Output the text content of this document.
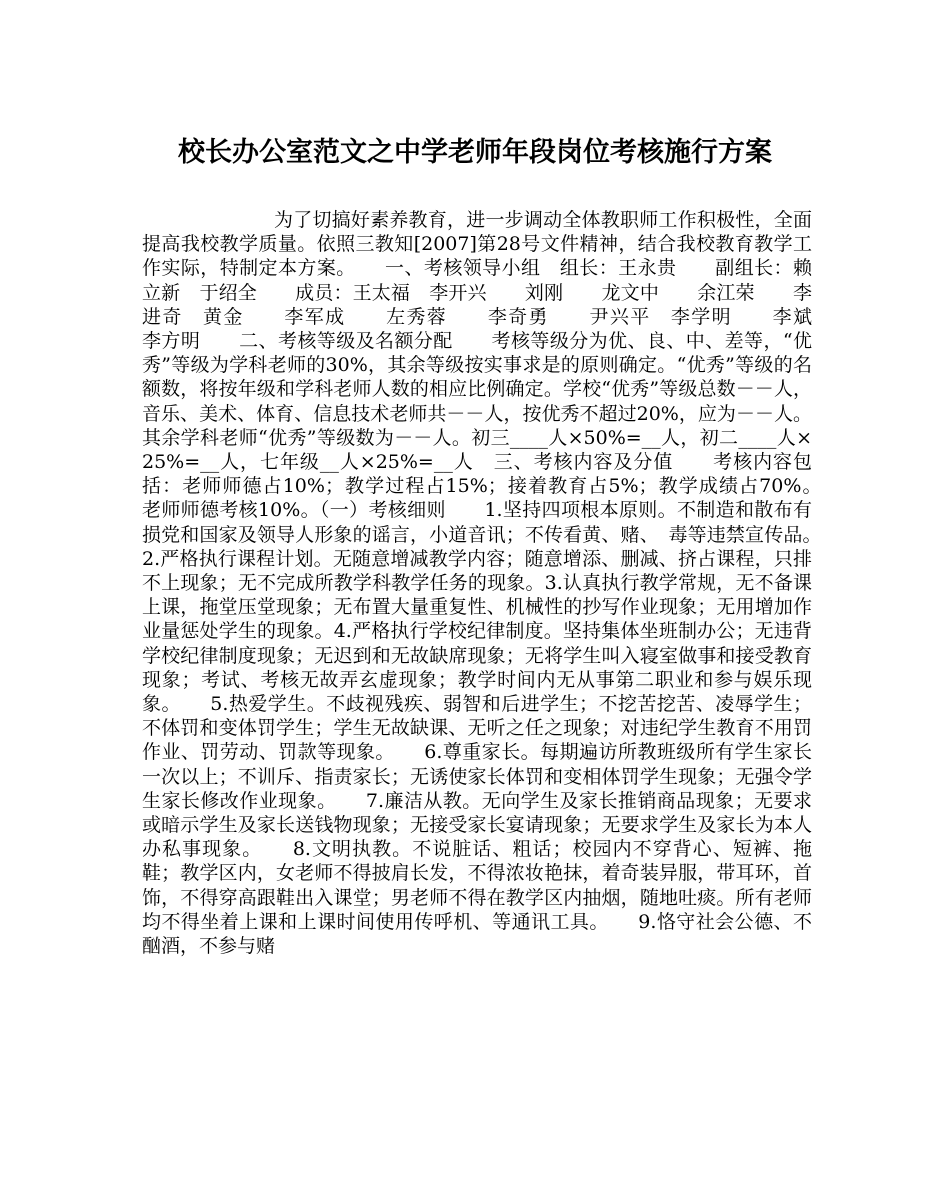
校长办公室范文之中学老师年段岗位考核施行方案

为了切搞好素养教育，进一步调动全体教职师工作积极性，全面提高我校教学质量。依照三教知[2007]第28号文件精神，结合我校教育教学工作实际，特制定本方案。　　一、考核领导小组　组长：王永贵　　副组长：赖立新　于绍全　　成员：王太福　李开兴　　刘刚　　龙文中　　余江荣　　李进奇　黄金　　李军成　　左秀蓉　　李奇勇　　尹兴平　李学明　　李斌　　李方明　　二、考核等级及名额分配　　考核等级分为优、良、中、差等，“优秀”等级为学科老师的30%，其余等级按实事求是的原则确定。“优秀”等级的名额数，将按年级和学科老师人数的相应比例确定。学校“优秀”等级总数－－人，音乐、美术、体育、信息技术老师共－－人，按优秀不超过20%，应为－－人。其余学科老师“优秀”等级数为－－人。初三____人×50%=__人，初二____人×25%=__人，七年级__人×25%=__人　三、考核内容及分值　　考核内容包括：老师师德占10%；教学过程占15%；接着教育占5%；教学成绩占70%。　　老师师德考核10%。（一）考核细则　　1.坚持四项根本原则。不制造和散布有损党和国家及领导人形象的谣言，小道音讯；不传看黄、赌、　毒等违禁宣传品。　　2.严格执行课程计划。无随意增减教学内容；随意增添、删减、挤占课程，只排不上现象；无不完成所教学科教学任务的现象。3.认真执行教学常规，无不备课上课，拖堂压堂现象；无布置大量重复性、机械性的抄写作业现象；无用增加作业量惩处学生的现象。4.严格执行学校纪律制度。坚持集体坐班制办公；无违背学校纪律制度现象；无迟到和无故缺席现象；无将学生叫入寝室做事和接受教育现象；考试、考核无故弄玄虚现象；教学时间内无从事第二职业和参与娱乐现象。　　5.热爱学生。不歧视残疾、弱智和后进学生；不挖苦挖苦、凌辱学生；不体罚和变体罚学生；学生无故缺课、无听之任之现象；对违纪学生教育不用罚作业、罚劳动、罚款等现象。　　6.尊重家长。每期遍访所教班级所有学生家长一次以上；不训斥、指责家长；无诱使家长体罚和变相体罚学生现象；无强令学生家长修改作业现象。　　7.廉洁从教。无向学生及家长推销商品现象；无要求或暗示学生及家长送钱物现象；无接受家长宴请现象；无要求学生及家长为本人办私事现象。　　8.文明执教。不说脏话、粗话；校园内不穿背心、短裤、拖鞋；教学区内，女老师不得披肩长发，不得浓妆艳抹，着奇装异服，带耳环，首饰，不得穿高跟鞋出入课堂；男老师不得在教学区内抽烟，随地吐痰。所有老师均不得坐着上课和上课时间使用传呼机、等通讯工具。　　9.恪守社会公德、不酗酒，不参与赌
